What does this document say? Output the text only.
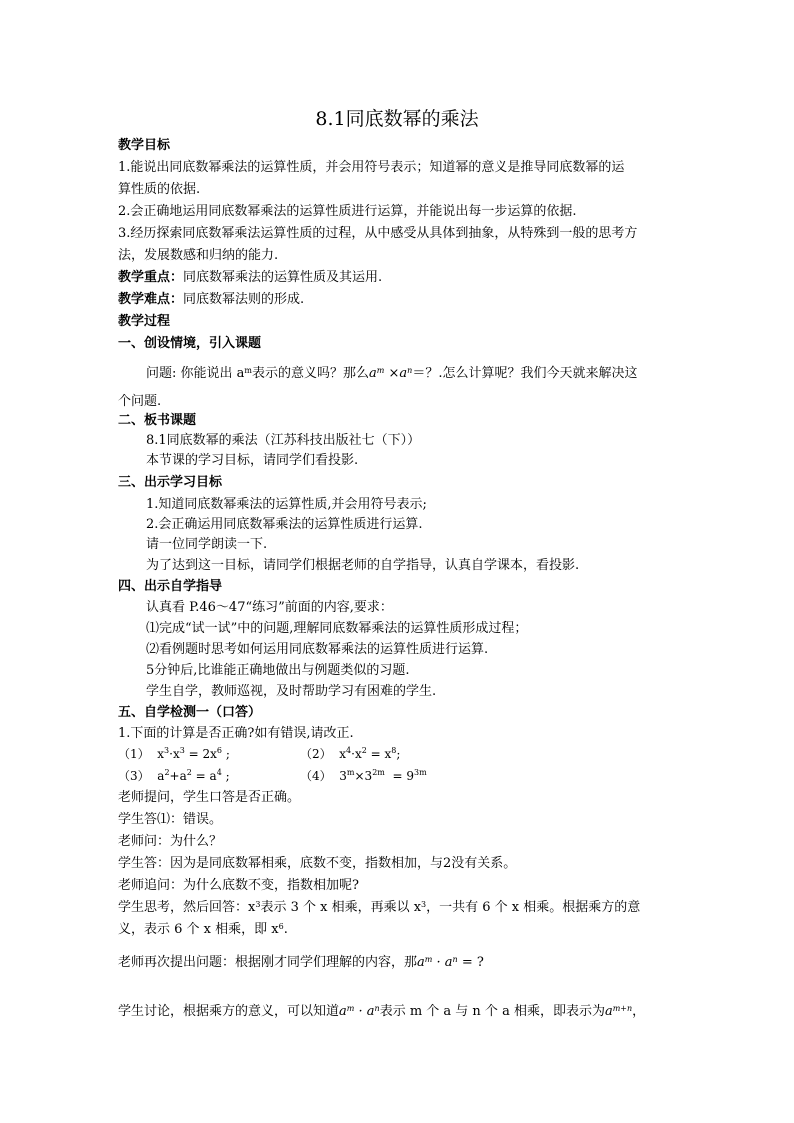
8.1同底数幂的乘法
教学目标
1.能说出同底数幂乘法的运算性质，并会用符号表示；知道幂的意义是推导同底数幂的运
算性质的依据.
2.会正确地运用同底数幂乘法的运算性质进行运算，并能说出每一步运算的依据.
3.经历探索同底数幂乘法运算性质的过程，从中感受从具体到抽象，从特殊到一般的思考方
法，发展数感和归纳的能力.
教学重点：同底数幂乘法的运算性质及其运用.
教学难点：同底数幂法则的形成.
教学过程
一、创设情境，引入课题
问题: 你能说出 $a^m$表示的意义吗？那么$a^m \times a^n=$？.怎么计算呢？我们今天就来解决这
个问题.
二、板书课题
8.1同底数幂的乘法（江苏科技出版社七（下））
本节课的学习目标，请同学们看投影.
三、出示学习目标
1.知道同底数幂乘法的运算性质,并会用符号表示;
2.会正确运用同底数幂乘法的运算性质进行运算.
请一位同学朗读一下.
为了达到这一目标，请同学们根据老师的自学指导，认真自学课本，看投影.
四、出示自学指导
认真看 P.46～47“练习”前面的内容,要求：
⑴完成“试一试”中的问题,理解同底数幂乘法的运算性质形成过程；
⑵看例题时思考如何运用同底数幂乘法的运算性质进行运算.
5分钟后,比谁能正确地做出与例题类似的习题.
学生自学，教师巡视，及时帮助学习有困难的学生.
五、自学检测一（口答）
1.下面的计算是否正确?如有错误,请改正.
（1）  $x^3\cdot x^3 = 2x^6$ ;	（2）  $x^4\cdot x^2 = x^8$;
（3）  $a^2+a^2 = a^4$ ;	（4）  $3^m\times 3^{2m} = 9^{3m}$
老师提问，学生口答是否正确。
学生答⑴：错误。
老师问：为什么？
学生答：因为是同底数幂相乘，底数不变，指数相加，与2没有关系。
老师追问：为什么底数不变，指数相加呢?
学生思考，然后回答：$x^3$表示 3 个 x 相乘，再乘以 $x^3$，一共有 6 个 x 相乘。根据乘方的意
义，表示 6 个 x 相乘，即 $x^6$.
老师再次提出问题：根据刚才同学们理解的内容，那$a^m \cdot a^n$ = ?
学生讨论，根据乘方的意义，可以知道$a^m \cdot a^n$表示 m 个 a 与 n 个 a 相乘，即表示为$a^{m+n}$，
